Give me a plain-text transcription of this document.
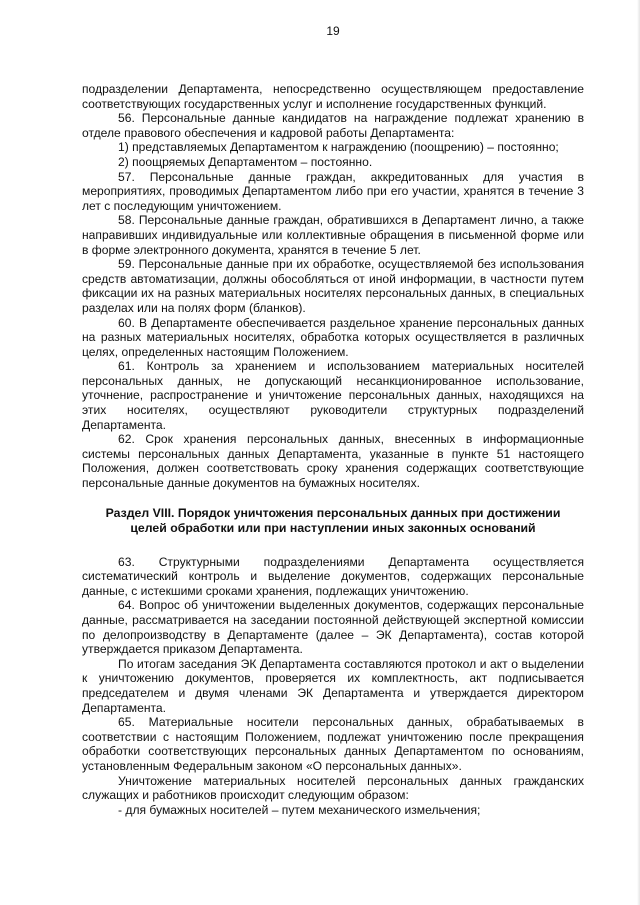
19

подразделении Департамента, непосредственно осуществляющем предоставление соответствующих государственных услуг и исполнение государственных функций.

56. Персональные данные кандидатов на награждение подлежат хранению в отделе правового обеспечения и кадровой работы Департамента:

1) представляемых Департаментом к награждению (поощрению) – постоянно;

2) поощряемых Департаментом – постоянно.

57. Персональные данные граждан, аккредитованных для участия в мероприятиях, проводимых Департаментом либо при его участии, хранятся в течение 3 лет с последующим уничтожением.

58. Персональные данные граждан, обратившихся в Департамент лично, а также направивших индивидуальные или коллективные обращения в письменной форме или в форме электронного документа, хранятся в течение 5 лет.

59. Персональные данные при их обработке, осуществляемой без использования средств автоматизации, должны обособляться от иной информации, в частности путем фиксации их на разных материальных носителях персональных данных, в специальных разделах или на полях форм (бланков).

60. В Департаменте обеспечивается раздельное хранение персональных данных на разных материальных носителях, обработка которых осуществляется в различных целях, определенных настоящим Положением.

61. Контроль за хранением и использованием материальных носителей персональных данных, не допускающий несанкционированное использование, уточнение, распространение и уничтожение персональных данных, находящихся на этих носителях, осуществляют руководители структурных подразделений Департамента.

62. Срок хранения персональных данных, внесенных в информационные системы персональных данных Департамента, указанные в пункте 51 настоящего Положения, должен соответствовать сроку хранения содержащих соответствующие персональные данные документов на бумажных носителях.

Раздел VIII. Порядок уничтожения персональных данных при достижении целей обработки или при наступлении иных законных оснований

63. Структурными подразделениями Департамента осуществляется систематический контроль и выделение документов, содержащих персональные данные, с истекшими сроками хранения, подлежащих уничтожению.

64. Вопрос об уничтожении выделенных документов, содержащих персональные данные, рассматривается на заседании постоянной действующей экспертной комиссии по делопроизводству в Департаменте (далее – ЭК Департамента), состав которой утверждается приказом Департамента.

По итогам заседания ЭК Департамента составляются протокол и акт о выделении к уничтожению документов, проверяется их комплектность, акт подписывается председателем и двумя членами ЭК Департамента и утверждается директором Департамента.

65. Материальные носители персональных данных, обрабатываемых в соответствии с настоящим Положением, подлежат уничтожению после прекращения обработки соответствующих персональных данных Департаментом по основаниям, установленным Федеральным законом «О персональных данных».

Уничтожение материальных носителей персональных данных гражданских служащих и работников происходит следующим образом:

- для бумажных носителей – путем механического измельчения;
